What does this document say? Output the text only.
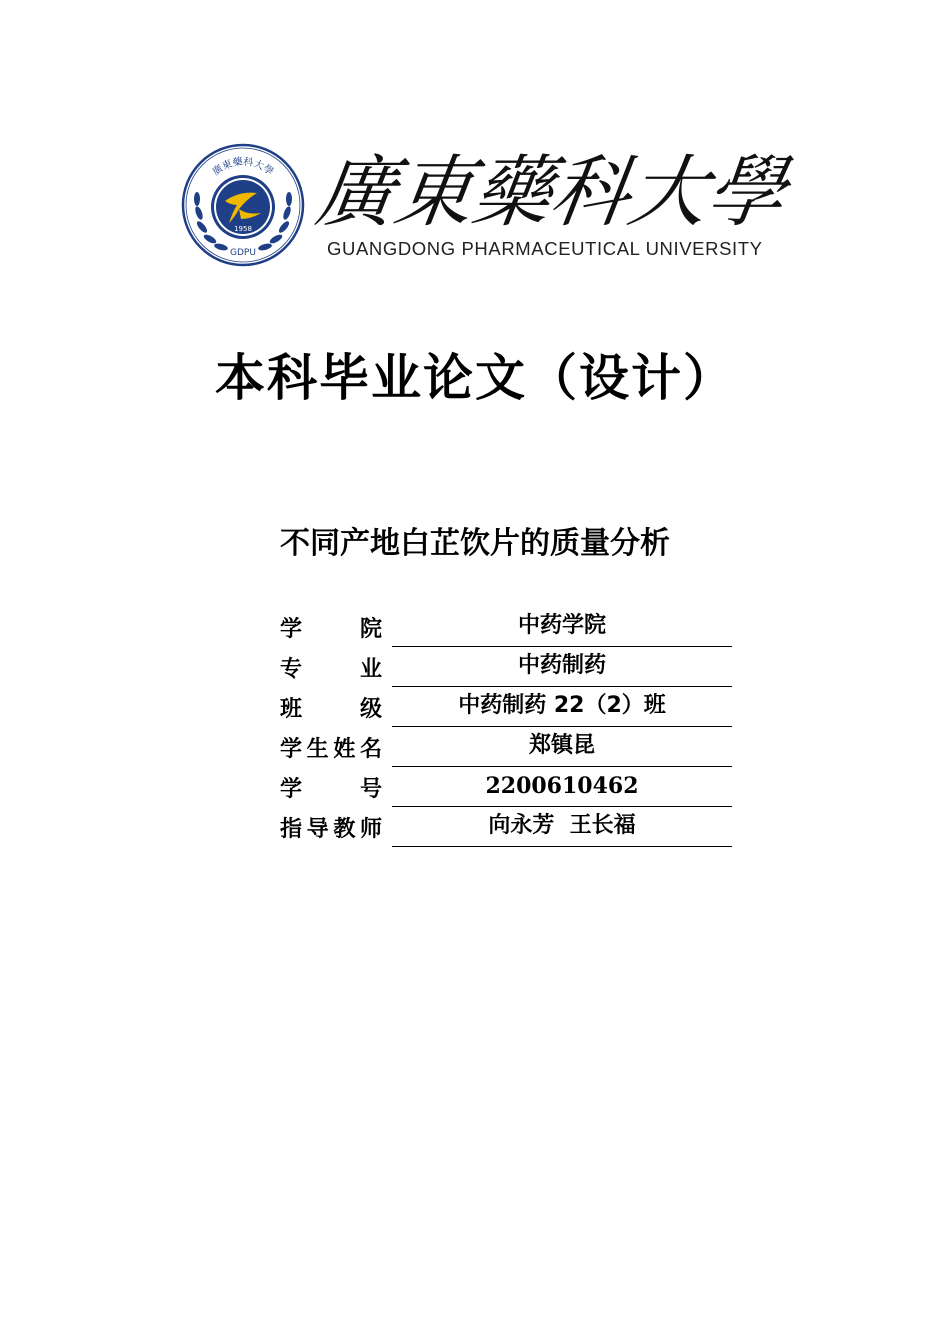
廣東藥科大學
1958
GDPU
廣
東
藥
科
大
學
GUANGDONG PHARMACEUTICAL UNIVERSITY
本科毕业论文（设计）
不同产地白芷饮片的质量分析
学	院	中药学院
专	业	中药制药
班	级	中药制药 22（2）班
学 生 姓 名	郑镇昆
学	号	2200610462
指 导 教 师	向永芳  王长福
